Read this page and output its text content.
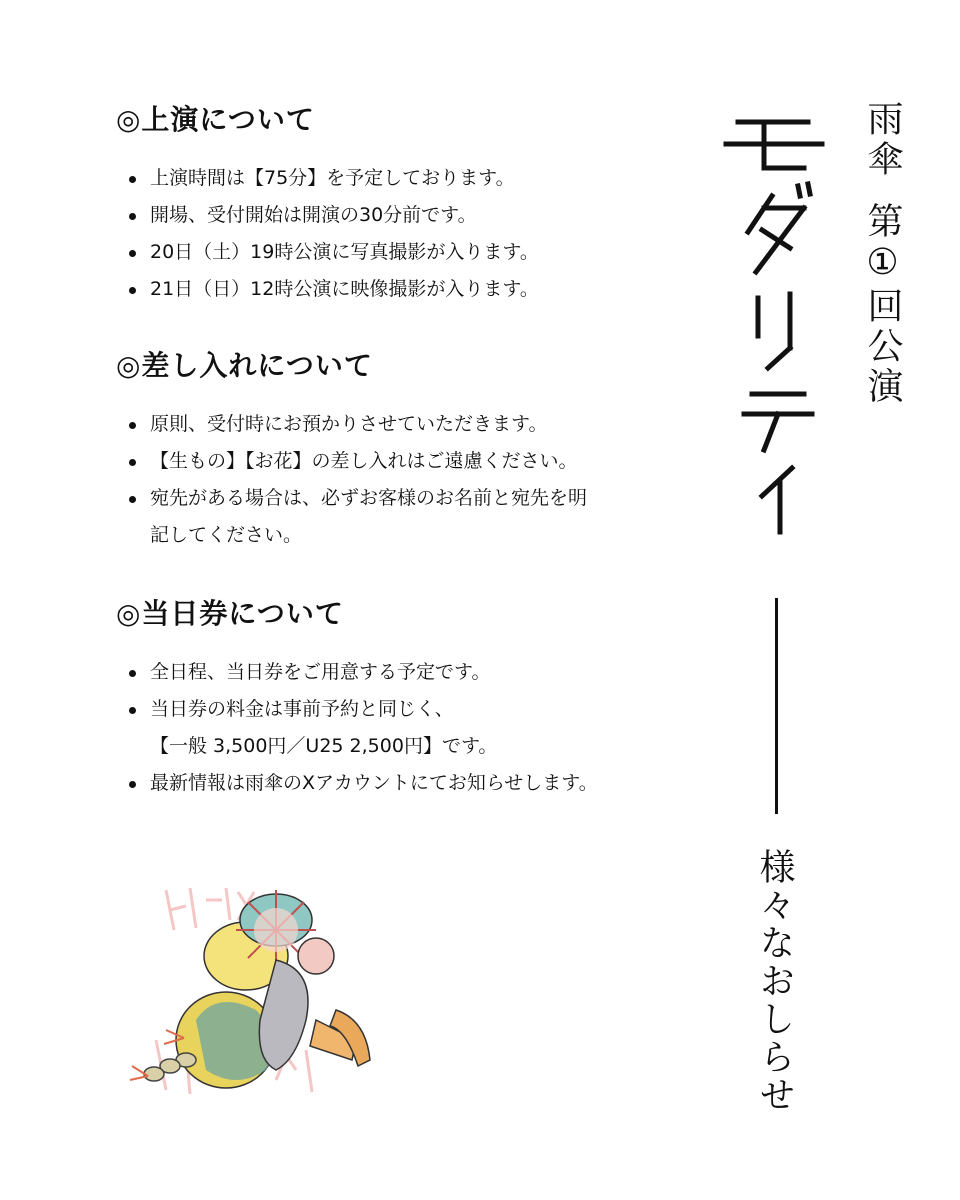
◎上演について
上演時間は【75分】を予定しております。
開場、受付開始は開演の30分前です。
20日（土）19時公演に写真撮影が入ります。
21日（日）12時公演に映像撮影が入ります。
◎差し入れについて
原則、受付時にお預かりさせていただきます。
【生もの】【お花】の差し入れはご遠慮ください。
宛先がある場合は、必ずお客様のお名前と宛先を明
記してください。
◎当日券について
全日程、当日券をご用意する予定です。
当日券の料金は事前予約と同じく、
【一般 3,500円／U25 2,500円】です。
最新情報は雨傘のXアカウントにてお知らせします。
雨傘第①回公演
様々なおしらせ
